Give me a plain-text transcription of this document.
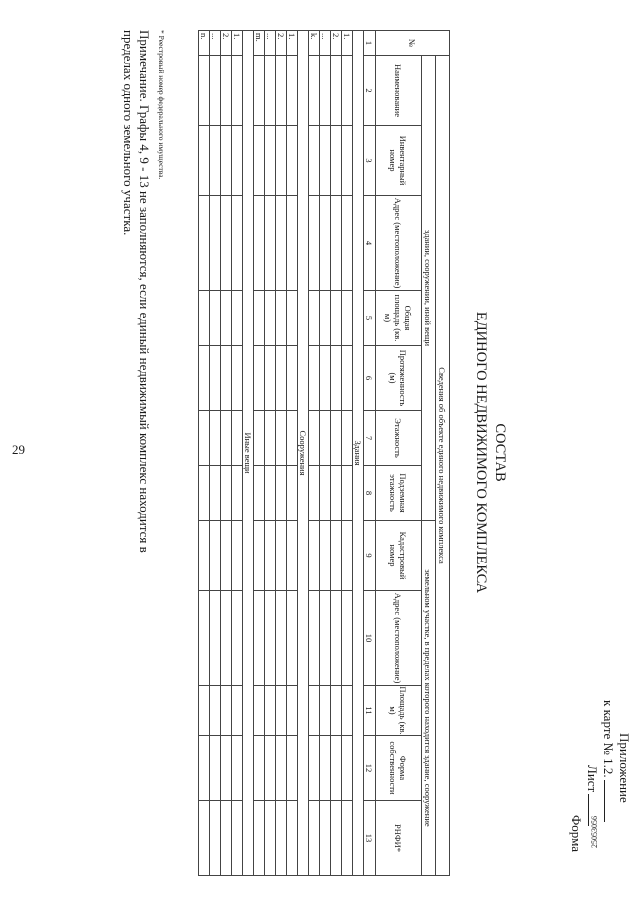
29
25053056
Приложение
к карте № 1.2.
Лист
Форма
СОСТАВ
ЕДИНОГО НЕДВИЖИМОГО КОМПЛЕКСА
№	Сведения об объекте единого недвижимого комплекса											
	здании, сооружении, иной вещи							земельном участке, в пределах которого находится здание, сооружение				
	Наименование	Инвентарный номер	Адрес (местоположение)	Общая площадь (кв. м)	Протяженность (м)	Этажность	Подземная этажность	Кадастровый номер	Адрес (местоположение)	Площадь (кв. м)	Форма собственности	РНФИ*
1	2	3	4	5	6	7	8	9	10	11	12	13
Здания												
1.												
2.												
...												
k.												
Сооружения												
1.												
2.												
...												
m.												
Иные вещи												
1.												
2.												
...												
n.												
* Реестровый номер федерального имущества.
Примечание. Графы 4, 9 - 13 не заполняются, если единый недвижимый комплекс находится в пределах одного земельного участка.
